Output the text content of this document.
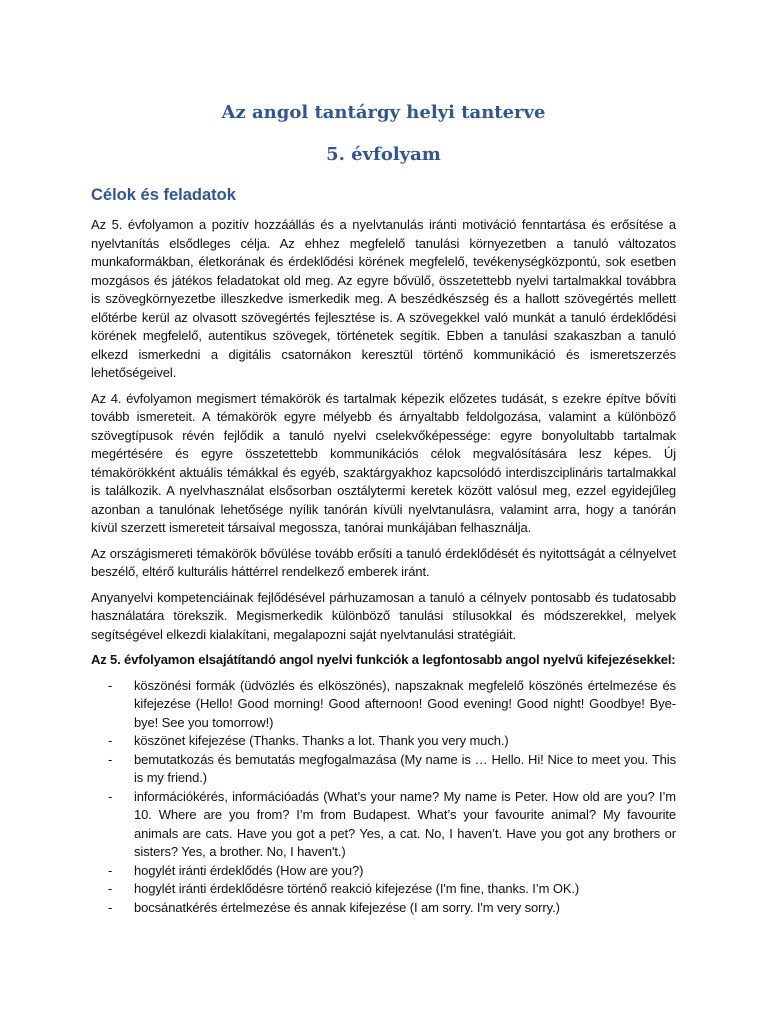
Az angol tantárgy helyi tanterve
5. évfolyam
Célok és feladatok

Az 5. évfolyamon a pozitív hozzáállás és a nyelvtanulás iránti motiváció fenntartása és erősítése a nyelvtanítás elsődleges célja. Az ehhez megfelelő tanulási környezetben a tanuló változatos munkaformákban, életkorának és érdeklődési körének megfelelő, tevékenységközpontú, sok esetben mozgásos és játékos feladatokat old meg. Az egyre bővülő, összetettebb nyelvi tartalmakkal továbbra is szövegkörnyezetbe illeszkedve ismerkedik meg. A beszédkészség és a hallott szövegértés mellett előtérbe kerül az olvasott szövegértés fejlesztése is. A szövegekkel való munkát a tanuló érdeklődési körének megfelelő, autentikus szövegek, történetek segítik. Ebben a tanulási szakaszban a tanuló elkezd ismerkedni a digitális csatornákon keresztül történő kommunikáció és ismeretszerzés lehetőségeivel.

Az 4. évfolyamon megismert témakörök és tartalmak képezik előzetes tudását, s ezekre építve bővíti tovább ismereteit. A témakörök egyre mélyebb és árnyaltabb feldolgozása, valamint a különböző szövegtípusok révén fejlődik a tanuló nyelvi cselekvőképessége: egyre bonyolultabb tartalmak megértésére és egyre összetettebb kommunikációs célok megvalósítására lesz képes. Új témakörökként aktuális témákkal és egyéb, szaktárgyakhoz kapcsolódó interdiszciplináris tartalmakkal is találkozik. A nyelvhasználat elsősorban osztálytermi keretek között valósul meg, ezzel egyidejűleg azonban a tanulónak lehetősége nyílik tanórán kívüli nyelvtanulásra, valamint arra, hogy a tanórán kívül szerzett ismereteit társaival megossza, tanórai munkájában felhasználja.

Az országismereti témakörök bővülése tovább erősíti a tanuló érdeklődését és nyitottságát a célnyelvet beszélő, eltérő kulturális háttérrel rendelkező emberek iránt.

Anyanyelvi kompetenciáinak fejlődésével párhuzamosan a tanuló a célnyelv pontosabb és tudatosabb használatára törekszik. Megismerkedik különböző tanulási stílusokkal és módszerekkel, melyek segítségével elkezdi kialakítani, megalapozni saját nyelvtanulási stratégiáit.

Az 5. évfolyamon elsajátítandó angol nyelvi funkciók a legfontosabb angol nyelvű kifejezésekkel:

- köszönési formák (üdvözlés és elköszönés), napszaknak megfelelő köszönés értelmezése és kifejezése (Hello! Good morning! Good afternoon! Good evening! Good night! Goodbye! Bye-bye! See you tomorrow!)
- köszönet kifejezése (Thanks. Thanks a lot. Thank you very much.)
- bemutatkozás és bemutatás megfogalmazása (My name is … Hello. Hi! Nice to meet you. This is my friend.)
- információkérés, információadás (What’s your name? My name is Peter. How old are you? I’m 10. Where are you from? I’m from Budapest. What’s your favourite animal? My favourite animals are cats. Have you got a pet? Yes, a cat. No, I haven’t. Have you got any brothers or sisters? Yes, a brother. No, I haven't.)
- hogylét iránti érdeklődés (How are you?)
- hogylét iránti érdeklődésre történő reakció kifejezése (I'm fine, thanks. I’m OK.)
- bocsánatkérés értelmezése és annak kifejezése (I am sorry. I'm very sorry.)
